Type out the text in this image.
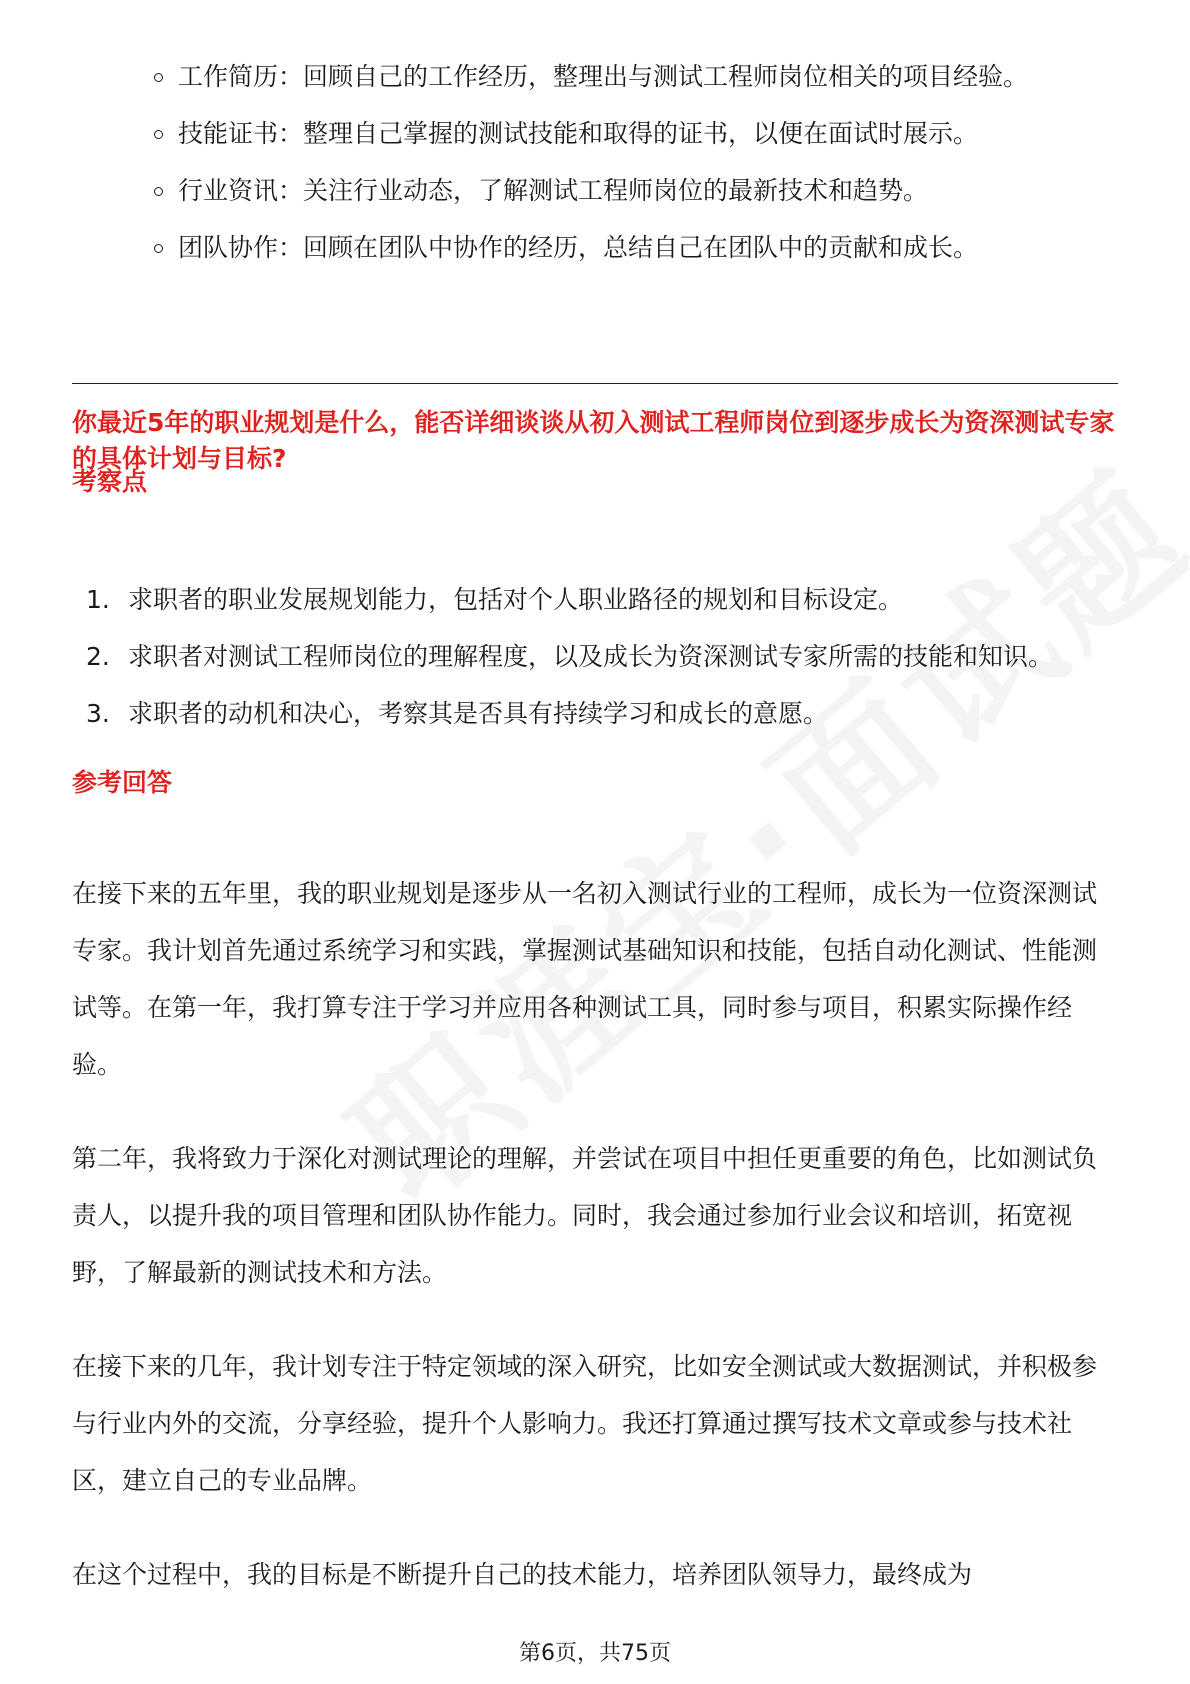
工作简历：回顾自己的工作经历，整理出与测试工程师岗位相关的项目经验。
技能证书：整理自己掌握的测试技能和取得的证书，以便在面试时展示。
行业资讯：关注行业动态，了解测试工程师岗位的最新技术和趋势。
团队协作：回顾在团队中协作的经历，总结自己在团队中的贡献和成长。

你最近5年的职业规划是什么，能否详细谈谈从初入测试工程师岗位到逐步成长为资深测试专家的具体计划与目标?

考察点
1. 求职者的职业发展规划能力，包括对个人职业路径的规划和目标设定。
2. 求职者对测试工程师岗位的理解程度，以及成长为资深测试专家所需的技能和知识。
3. 求职者的动机和决心，考察其是否具有持续学习和成长的意愿。
参考回答

在接下来的五年里，我的职业规划是逐步从一名初入测试行业的工程师，成长为一位资深测试专家。我计划首先通过系统学习和实践，掌握测试基础知识和技能，包括自动化测试、性能测试等。在第一年，我打算专注于学习并应用各种测试工具，同时参与项目，积累实际操作经验。

第二年，我将致力于深化对测试理论的理解，并尝试在项目中担任更重要的角色，比如测试负责人，以提升我的项目管理和团队协作能力。同时，我会通过参加行业会议和培训，拓宽视野，了解最新的测试技术和方法。

在接下来的几年，我计划专注于特定领域的深入研究，比如安全测试或大数据测试，并积极参与行业内外的交流，分享经验，提升个人影响力。我还打算通过撰写技术文章或参与技术社区，建立自己的专业品牌。

在这个过程中，我的目标是不断提升自己的技术能力，培养团队领导力，最终成为

第6页，共75页
